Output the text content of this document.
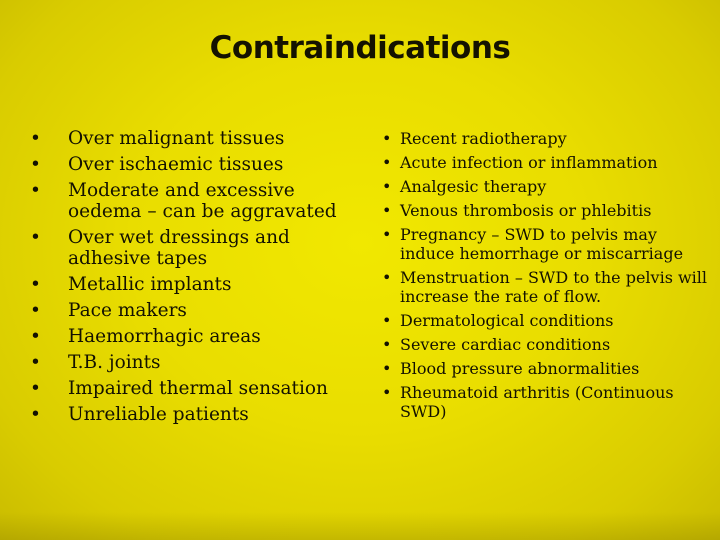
Contraindications
• Over malignant tissues
• Over ischaemic tissues
• Moderate and excessive oedema – can be aggravated
• Over wet dressings and adhesive tapes
• Metallic implants
• Pace makers
• Haemorrhagic areas
• T.B. joints
• Impaired thermal sensation
• Unreliable patients
• Recent radiotherapy
• Acute infection or inflammation
• Analgesic therapy
• Venous thrombosis or phlebitis
• Pregnancy – SWD to pelvis may induce hemorrhage or miscarriage
• Menstruation – SWD to the pelvis will increase the rate of flow.
• Dermatological conditions
• Severe cardiac conditions
• Blood pressure abnormalities
• Rheumatoid arthritis (Continuous SWD)
